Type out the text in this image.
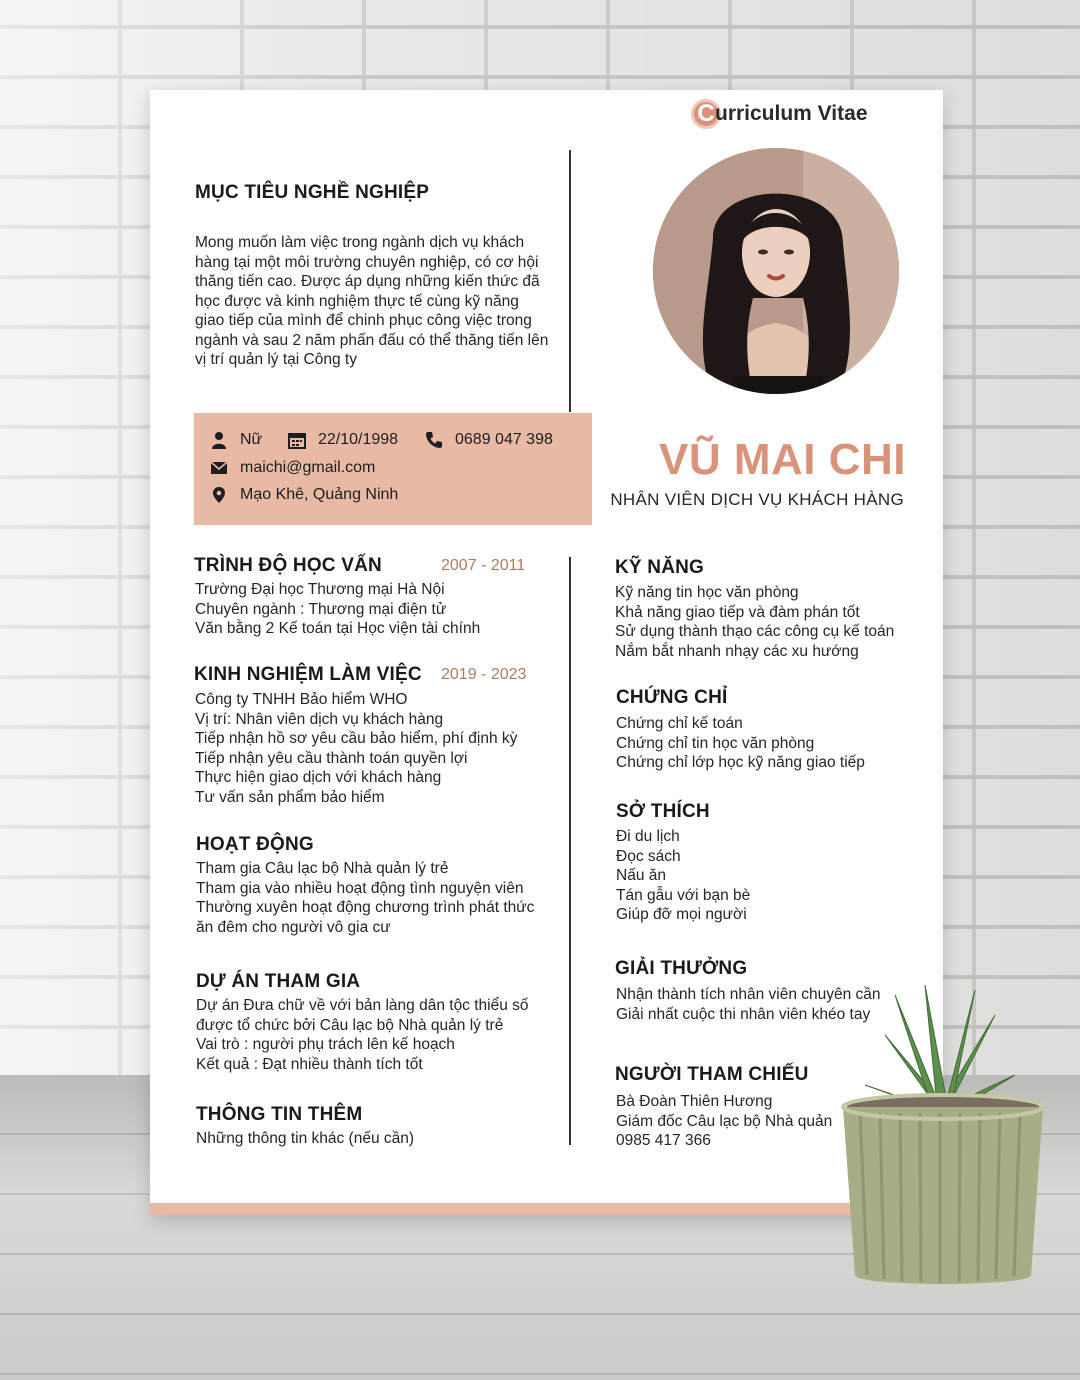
C urriculum Vitae
MỤC TIÊU NGHỀ NGHIỆP
Mong muốn làm việc trong ngành dịch vụ khách
hàng tại một môi trường chuyên nghiệp, có cơ hội
thăng tiến cao. Được áp dụng những kiến thức đã
học được và kinh nghiệm thực tế cùng kỹ năng
giao tiếp của mình để chinh phục công việc trong
ngành và sau 2 năm phấn đấu có thể thăng tiến lên
vị trí quản lý tại Công ty
Nữ	22/10/1998	0689 047 398
maichi@gmail.com
Mạo Khê, Quảng Ninh
VŨ MAI CHI
NHÂN VIÊN DỊCH VỤ KHÁCH HÀNG
TRÌNH ĐỘ HỌC VẤN	2007 - 2011
Trường Đại học Thương mại Hà Nội
Chuyên ngành : Thương mại điện tử
Văn bằng 2 Kế toán tại Học viện tài chính
KINH NGHIỆM LÀM VIỆC 2019 - 2023
Công ty TNHH Bảo hiểm WHO
Vị trí: Nhân viên dịch vụ khách hàng
Tiếp nhận hồ sơ yêu cầu bảo hiểm, phí định kỳ
Tiếp nhận yêu cầu thành toán quyền lợi
Thực hiện giao dịch với khách hàng
Tư vấn sản phẩm bảo hiểm
HOẠT ĐỘNG
Tham gia Câu lạc bộ Nhà quản lý trẻ
Tham gia vào nhiều hoạt động tình nguyện viên
Thường xuyên hoạt động chương trình phát thức
ăn đêm cho người vô gia cư
DỰ ÁN THAM GIA
Dự án Đưa chữ về với bản làng dân tộc thiểu số
được tổ chức bởi Câu lạc bộ Nhà quản lý trẻ
Vai trò : người phụ trách lên kế hoạch
Kết quả : Đạt nhiều thành tích tốt
THÔNG TIN THÊM
Những thông tin khác (nếu cần)
KỸ NĂNG
Kỹ năng tin học văn phòng
Khả năng giao tiếp và đàm phán tốt
Sử dụng thành thạo các công cụ kế toán
Nắm bắt nhanh nhạy các xu hướng
CHỨNG CHỈ
Chứng chỉ kế toán
Chứng chỉ tin học văn phòng
Chứng chỉ lớp học kỹ năng giao tiếp
SỞ THÍCH
Đi du lịch
Đọc sách
Nấu ăn
Tán gẫu với bạn bè
Giúp đỡ mọi người
GIẢI THƯỞNG
Nhận thành tích nhân viên chuyên cần
Giải nhất cuộc thi nhân viên khéo tay
NGƯỜI THAM CHIẾU
Bà Đoàn Thiên Hương
Giám đốc Câu lạc bộ Nhà quản
0985 417 366
